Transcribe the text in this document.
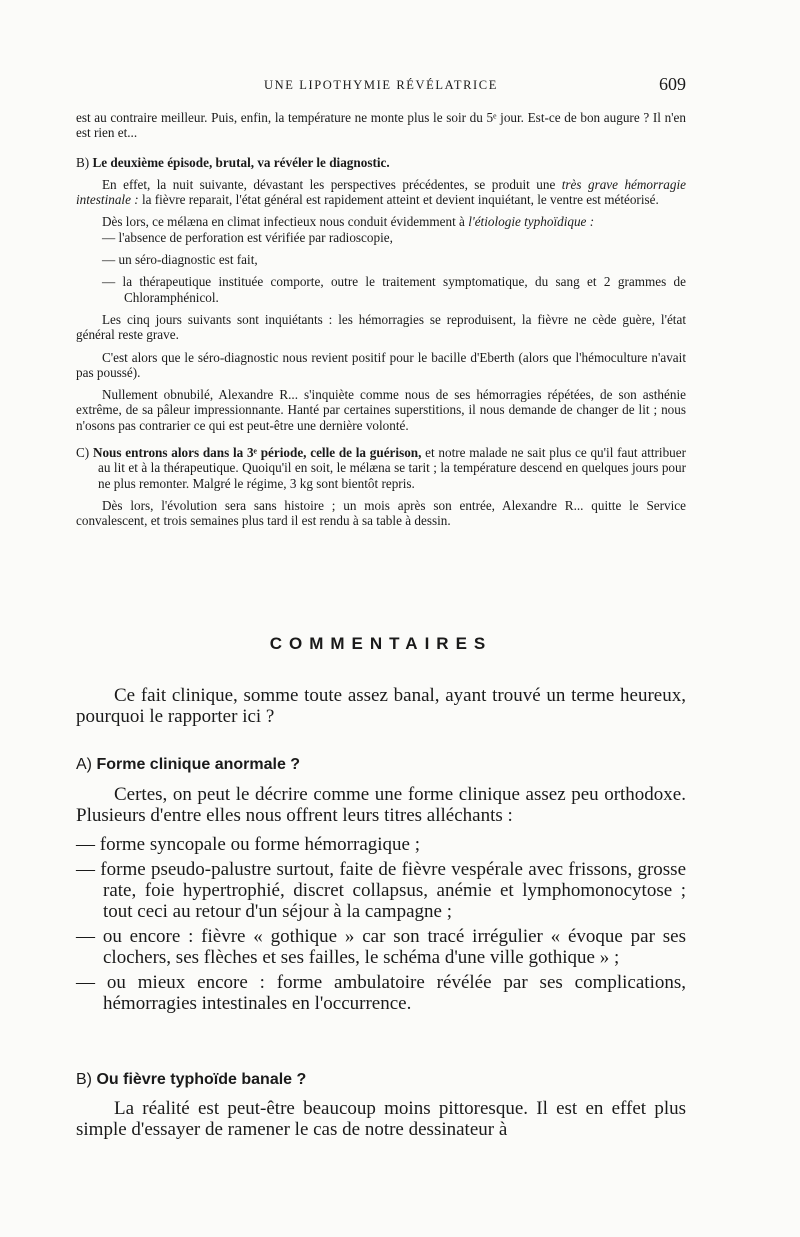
UNE LIPOTHYMIE RÉVÉLATRICE	609

est au contraire meilleur. Puis, enfin, la température ne monte plus le soir du 5ᵉ jour. Est-ce de bon augure ? Il n'en est rien et...

B) Le deuxième épisode, brutal, va révéler le diagnostic.

En effet, la nuit suivante, dévastant les perspectives précédentes, se produit une très grave hémorragie intestinale : la fièvre reparait, l'état général est rapidement atteint et devient inquiétant, le ventre est météorisé.

Dès lors, ce mélæna en climat infectieux nous conduit évidemment à l'étiologie typhoïdique :

— l'absence de perforation est vérifiée par radioscopie,

— un séro-diagnostic est fait,

— la thérapeutique instituée comporte, outre le traitement symptomatique, du sang et 2 grammes de Chloramphénicol.

Les cinq jours suivants sont inquiétants : les hémorragies se reproduisent, la fièvre ne cède guère, l'état général reste grave.

C'est alors que le séro-diagnostic nous revient positif pour le bacille d'Eberth (alors que l'hémoculture n'avait pas poussé).

Nullement obnubilé, Alexandre R... s'inquiète comme nous de ses hémorragies répétées, de son asthénie extrême, de sa pâleur impressionnante. Hanté par certaines superstitions, il nous demande de changer de lit ; nous n'osons pas contrarier ce qui est peut-être une dernière volonté.

C) Nous entrons alors dans la 3ᵉ période, celle de la guérison, et notre malade ne sait plus ce qu'il faut attribuer au lit et à la thérapeutique. Quoiqu'il en soit, le mélæna se tarit ; la température descend en quelques jours pour ne plus remonter. Malgré le régime, 3 kg sont bientôt repris.

Dès lors, l'évolution sera sans histoire ; un mois après son entrée, Alexandre R... quitte le Service convalescent, et trois semaines plus tard il est rendu à sa table à dessin.

COMMENTAIRES

Ce fait clinique, somme toute assez banal, ayant trouvé un terme heureux, pourquoi le rapporter ici ?

A) Forme clinique anormale ?

Certes, on peut le décrire comme une forme clinique assez peu orthodoxe. Plusieurs d'entre elles nous offrent leurs titres alléchants :

— forme syncopale ou forme hémorragique ;

— forme pseudo-palustre surtout, faite de fièvre vespérale avec frissons, grosse rate, foie hypertrophié, discret collapsus, anémie et lymphomonocytose ; tout ceci au retour d'un séjour à la campagne ;

— ou encore : fièvre « gothique » car son tracé irrégulier « évoque par ses clochers, ses flèches et ses failles, le schéma d'une ville gothique » ;

— ou mieux encore : forme ambulatoire révélée par ses complications, hémorragies intestinales en l'occurrence.

B) Ou fièvre typhoïde banale ?

La réalité est peut-être beaucoup moins pittoresque. Il est en effet plus simple d'essayer de ramener le cas de notre dessinateur à
